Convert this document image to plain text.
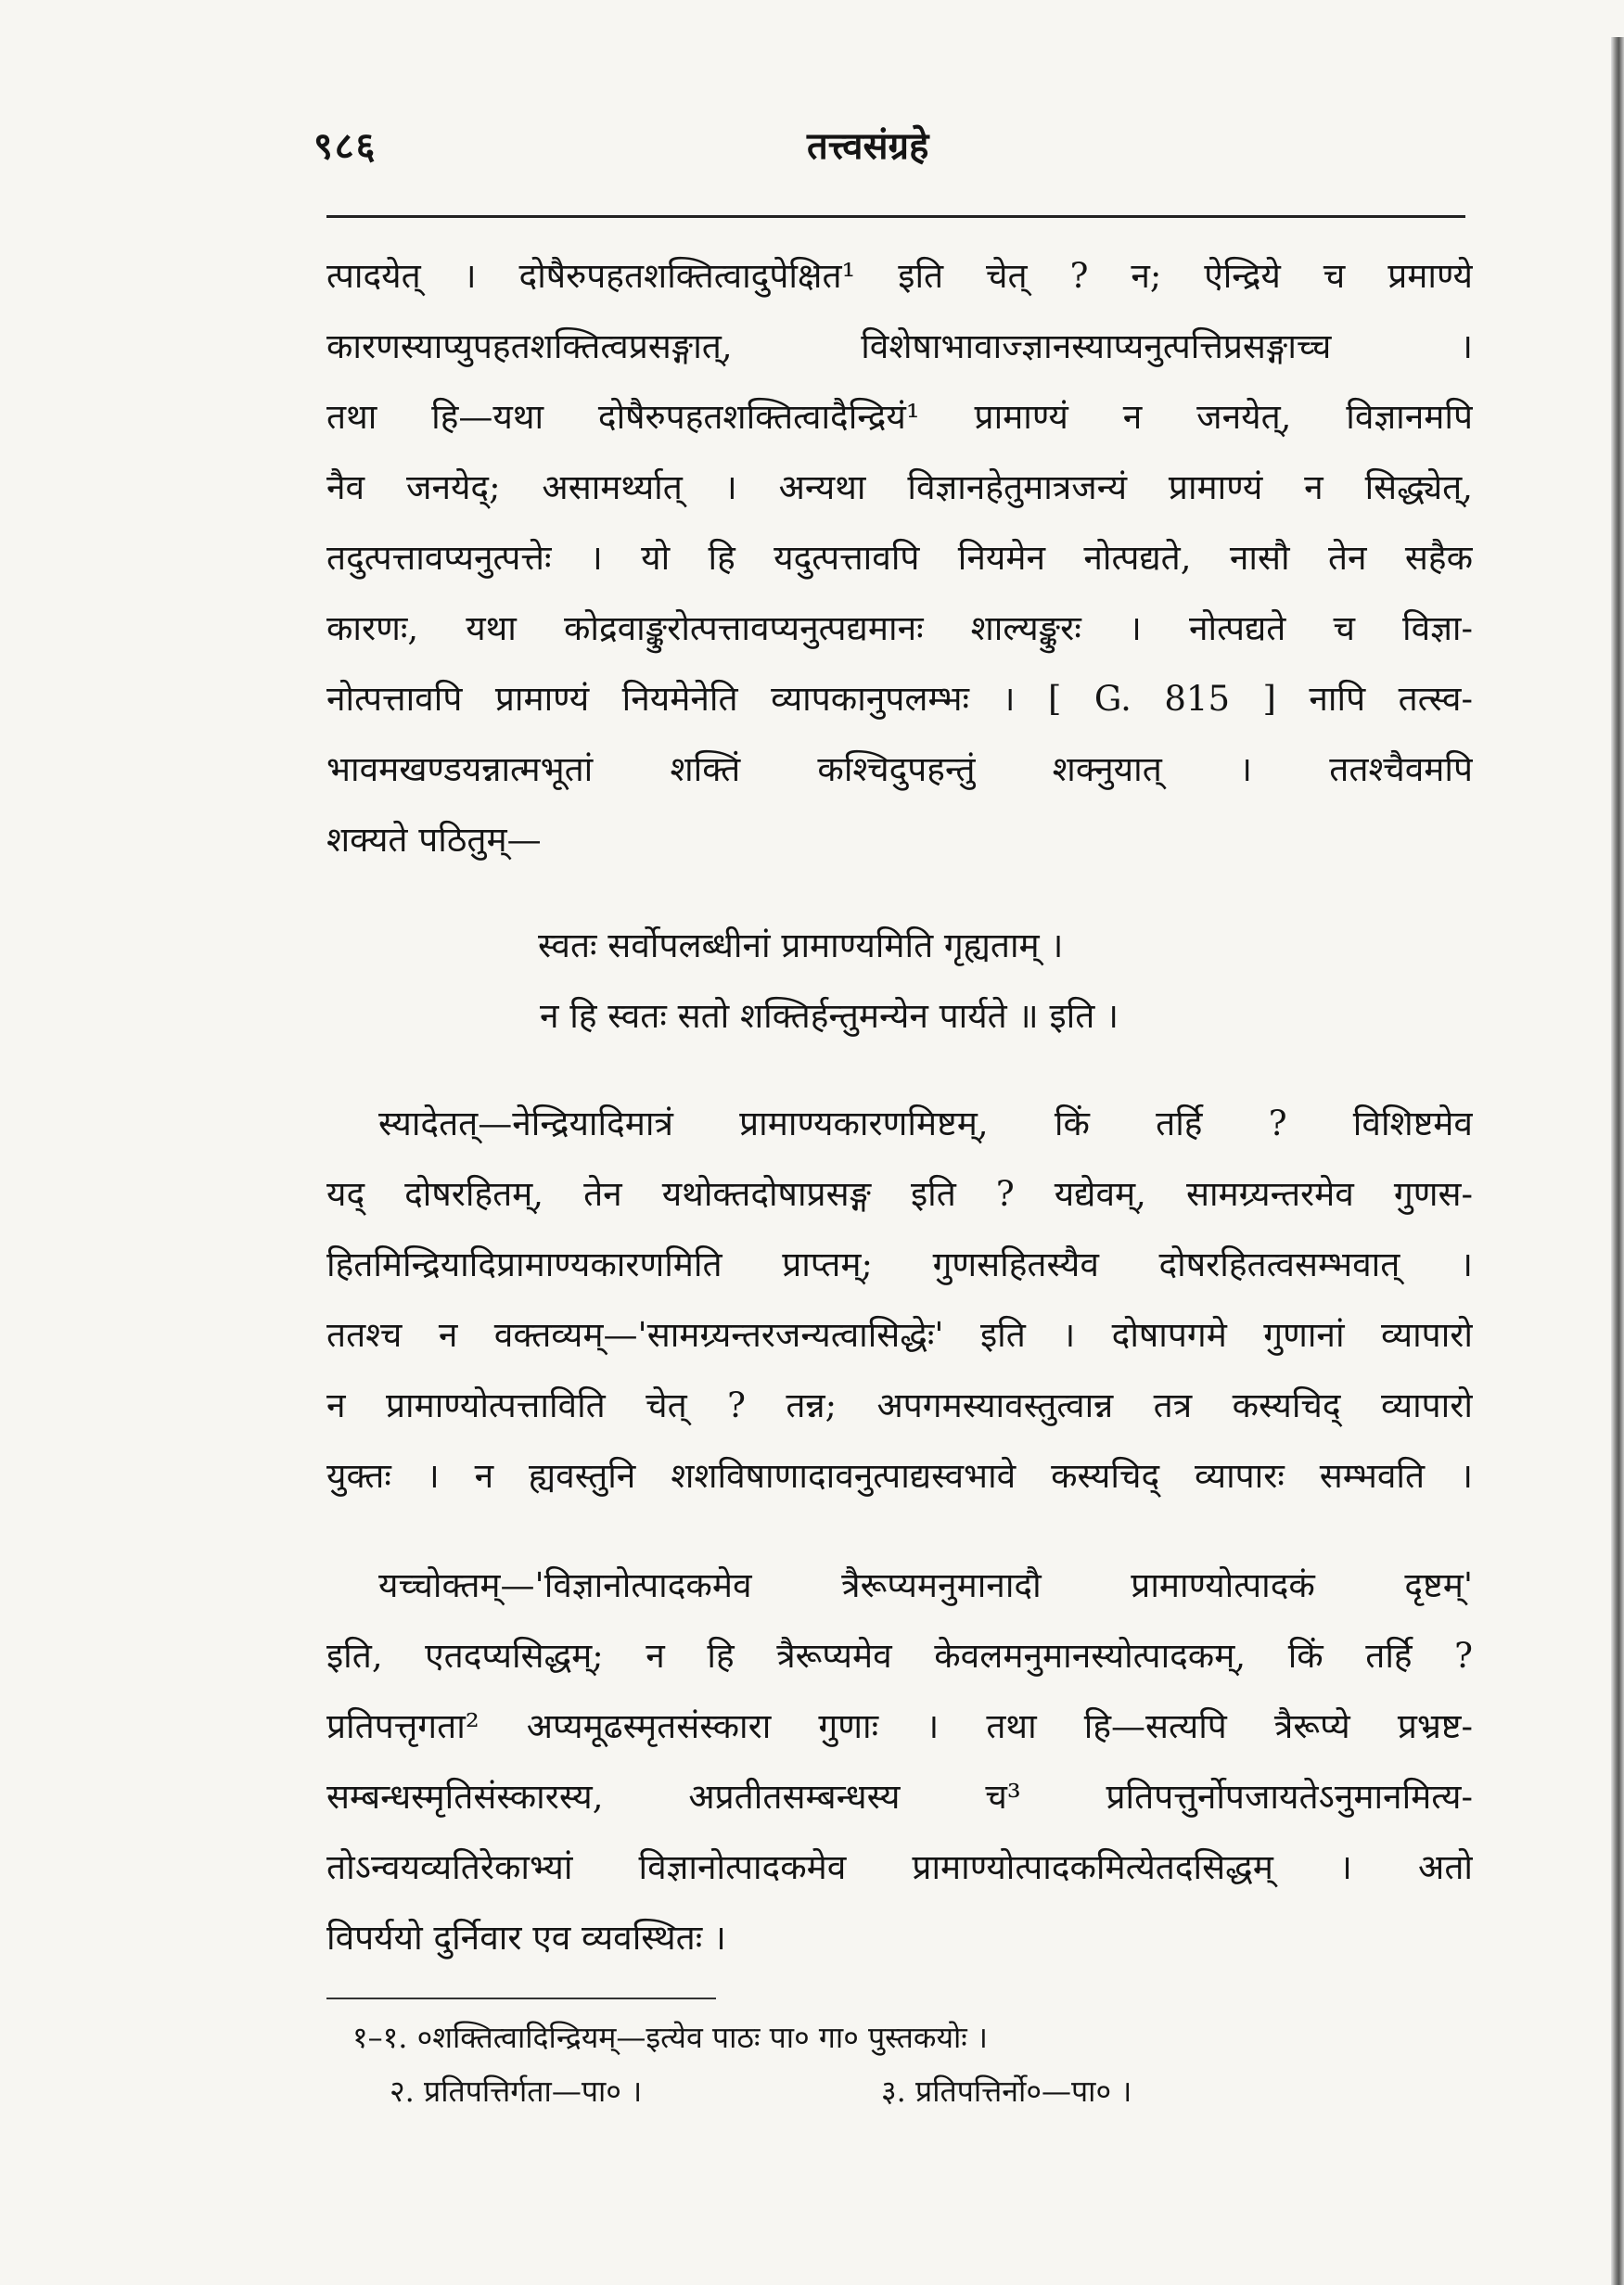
९८६	तत्त्वसंग्रहे
त्पादयेत् । दोषैरुपहतशक्तित्वादुपेक्षित¹ इति चेत् ? न; ऐन्द्रिये च प्रमाण्ये
कारणस्याप्युपहतशक्तित्वप्रसङ्गात्, विशेषाभावाज्ज्ञानस्याप्यनुत्पत्तिप्रसङ्गाच्च ।
तथा हि—यथा दोषैरुपहतशक्तित्वादैन्द्रियं¹ प्रामाण्यं न जनयेत्, विज्ञानमपि
नैव जनयेद्; असामर्थ्यात् । अन्यथा विज्ञानहेतुमात्रजन्यं प्रामाण्यं न सिद्ध्येत्,
तदुत्पत्तावप्यनुत्पत्तेः । यो हि यदुत्पत्तावपि नियमेन नोत्पद्यते, नासौ तेन सहैक
कारणः, यथा कोद्रवाङ्कुरोत्पत्तावप्यनुत्पद्यमानः शाल्यङ्कुरः । नोत्पद्यते च विज्ञा-
नोत्पत्तावपि प्रामाण्यं नियमेनेति व्यापकानुपलम्भः । [ G. 815 ] नापि तत्स्व-
भावमखण्डयन्नात्मभूतां शक्तिं कश्चिदुपहन्तुं शक्नुयात् । ततश्चैवमपि
शक्यते पठितुम्—
स्वतः सर्वोपलब्धीनां प्रामाण्यमिति गृह्यताम् ।
न हि स्वतः सतो शक्तिर्हन्तुमन्येन पार्यते ॥ इति ।
स्यादेतत्—नेन्द्रियादिमात्रं प्रामाण्यकारणमिष्टम्, किं तर्हि ? विशिष्टमेव
यद् दोषरहितम्, तेन यथोक्तदोषाप्रसङ्ग इति ? यद्येवम्, सामग्र्यन्तरमेव गुणस-
हितमिन्द्रियादिप्रामाण्यकारणमिति प्राप्तम्; गुणसहितस्यैव दोषरहितत्वसम्भवात् ।
ततश्च न वक्तव्यम्—'सामग्र्यन्तरजन्यत्वासिद्धेः' इति । दोषापगमे गुणानां व्यापारो
न प्रामाण्योत्पत्ताविति चेत् ? तन्न; अपगमस्यावस्तुत्वान्न तत्र कस्यचिद् व्यापारो
युक्तः । न ह्यवस्तुनि शशविषाणादावनुत्पाद्यस्वभावे कस्यचिद् व्यापारः सम्भवति ।
यच्चोक्तम्—'विज्ञानोत्पादकमेव त्रैरूप्यमनुमानादौ प्रामाण्योत्पादकं दृष्टम्'
इति, एतदप्यसिद्धम्; न हि त्रैरूप्यमेव केवलमनुमानस्योत्पादकम्, किं तर्हि ?
प्रतिपत्तृगता² अप्यमूढस्मृतसंस्कारा गुणाः । तथा हि—सत्यपि त्रैरूप्ये प्रभ्रष्ट-
सम्बन्धस्मृतिसंस्कारस्य, अप्रतीतसम्बन्धस्य च³ प्रतिपत्तुर्नोपजायतेऽनुमानमित्य-
तोऽन्वयव्यतिरेकाभ्यां विज्ञानोत्पादकमेव प्रामाण्योत्पादकमित्येतदसिद्धम् । अतो
विपर्ययो दुर्निवार एव व्यवस्थितः ।
१–१. ०शक्तित्वादिन्द्रियम्—इत्येव पाठः पा० गा० पुस्तकयोः ।
२. प्रतिपत्तिर्गता—पा० ।	३. प्रतिपत्तिर्नो०—पा० ।
